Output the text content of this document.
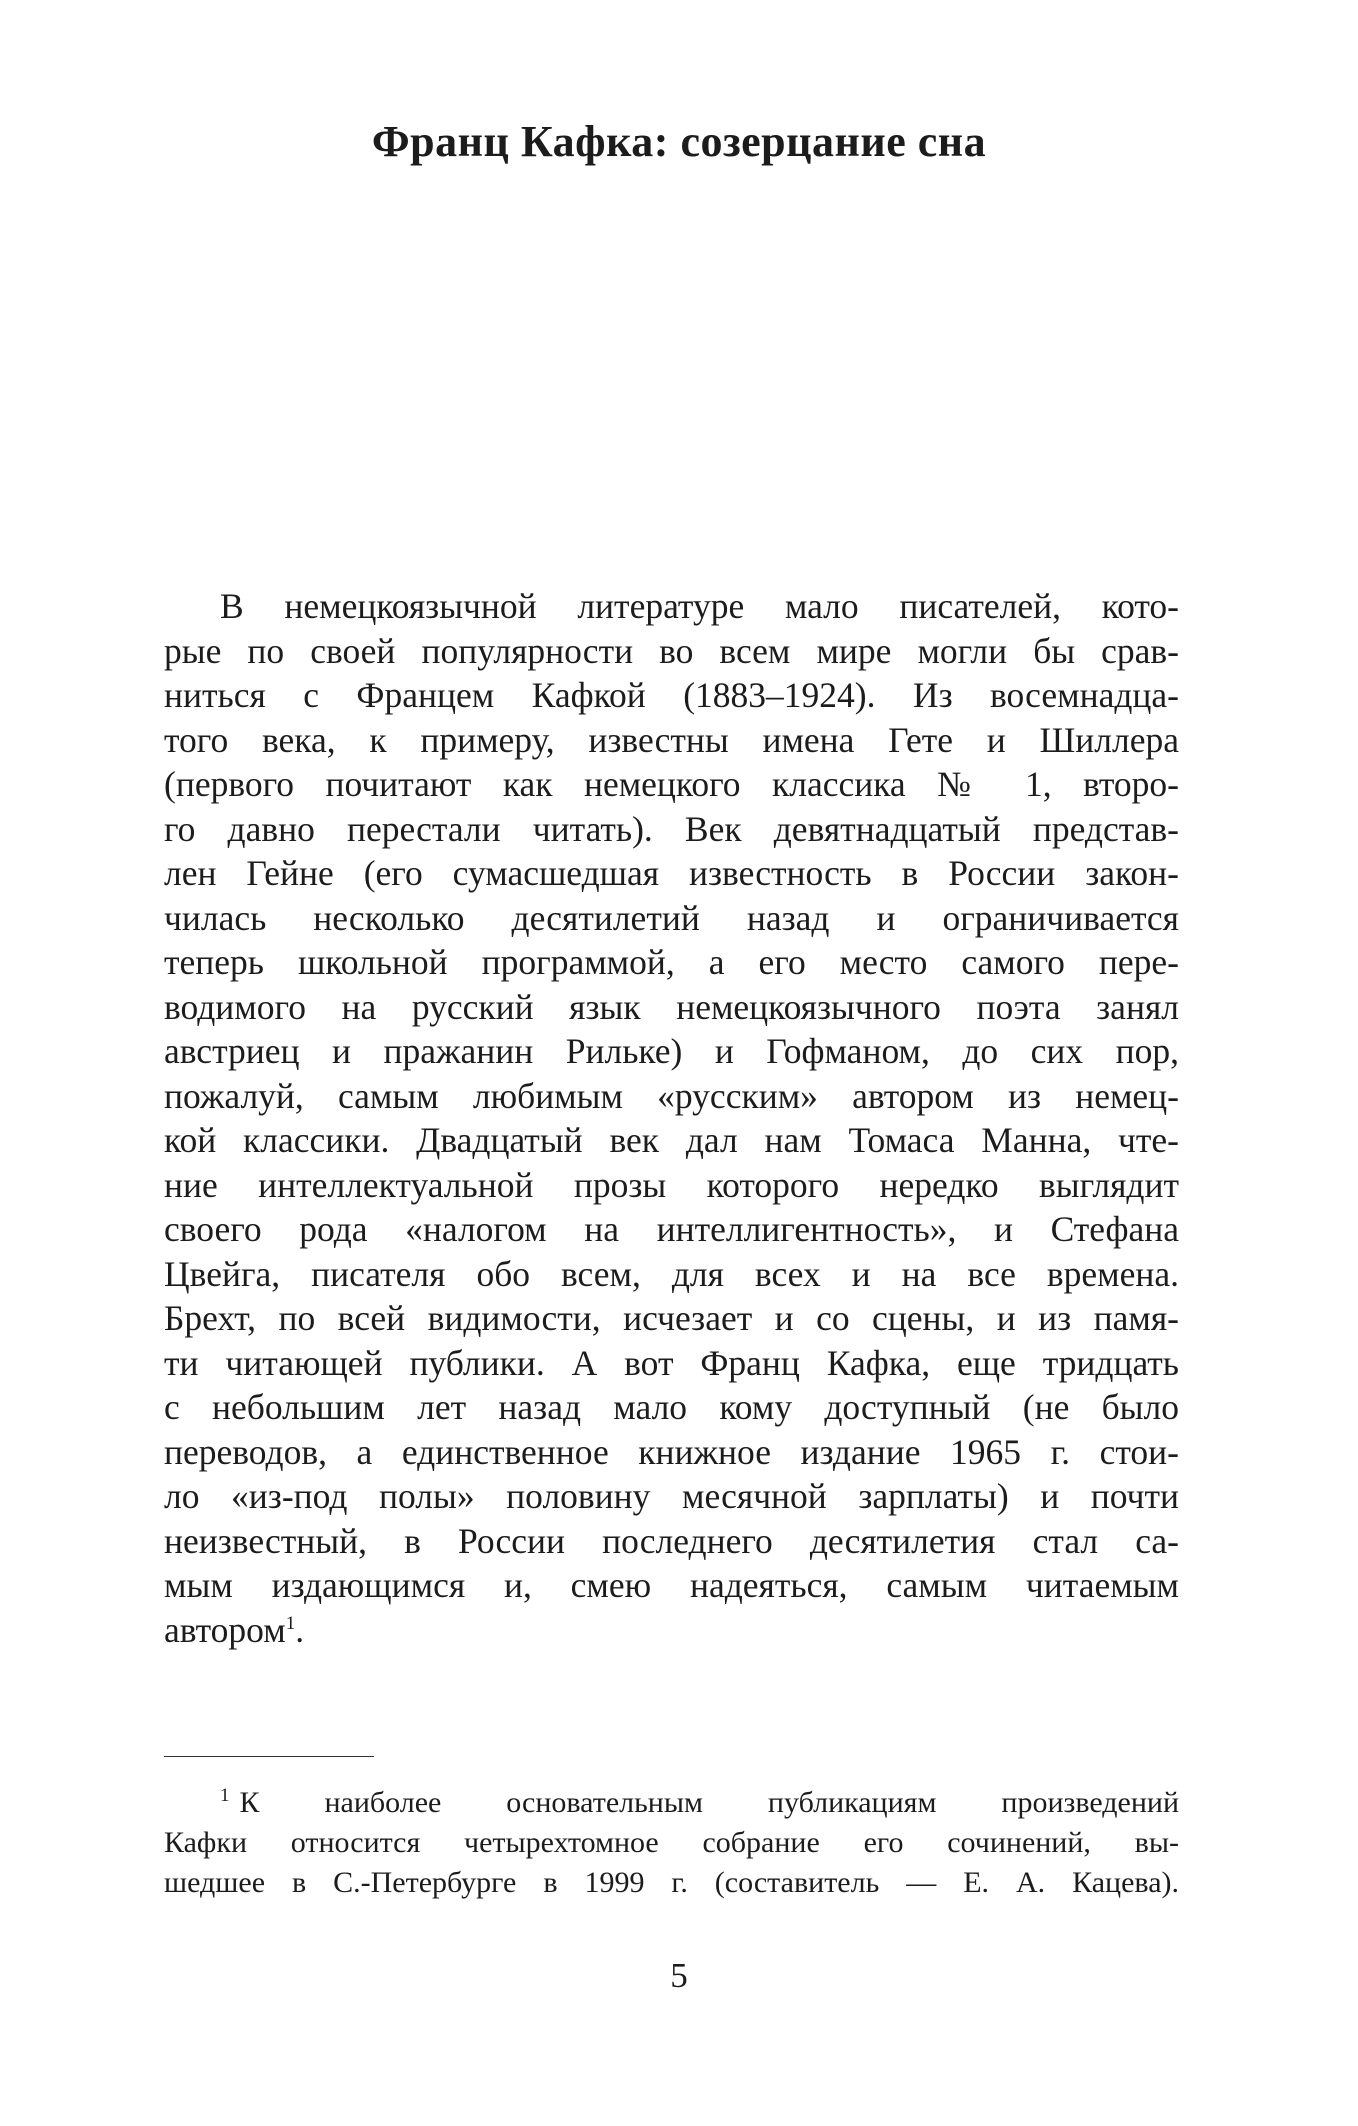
Франц Кафка: созерцание сна
В немецкоязычной литературе мало писателей, кото-
рые по своей популярности во всем мире могли бы срав-
ниться с Францем Кафкой (1883–1924). Из восемнадца-
того века, к примеру, известны имена Гете и Шиллера
(первого почитают как немецкого классика № 1, второ-
го давно перестали читать). Век девятнадцатый представ-
лен Гейне (его сумасшедшая известность в России закон-
чилась несколько десятилетий назад и ограничивается
теперь школьной программой, а его место самого пере-
водимого на русский язык немецкоязычного поэта занял
австриец и пражанин Рильке) и Гофманом, до сих пор,
пожалуй, самым любимым «русским» автором из немец-
кой классики. Двадцатый век дал нам Томаса Манна, чте-
ние интеллектуальной прозы которого нередко выглядит
своего рода «налогом на интеллигентность», и Стефана
Цвейга, писателя обо всем, для всех и на все времена.
Брехт, по всей видимости, исчезает и со сцены, и из памя-
ти читающей публики. А вот Франц Кафка, еще тридцать
с небольшим лет назад мало кому доступный (не было
переводов, а единственное книжное издание 1965 г. стои-
ло «из-под полы» половину месячной зарплаты) и почти
неизвестный, в России последнего десятилетия стал са-
мым издающимся и, смею надеяться, самым читаемым
автором$^1$.
$^1$ К наиболее основательным публикациям произведений
Кафки относится четырехтомное собрание его сочинений, вы-
шедшее в С.-Петербурге в 1999 г. (составитель — Е. А. Кацева).
5
